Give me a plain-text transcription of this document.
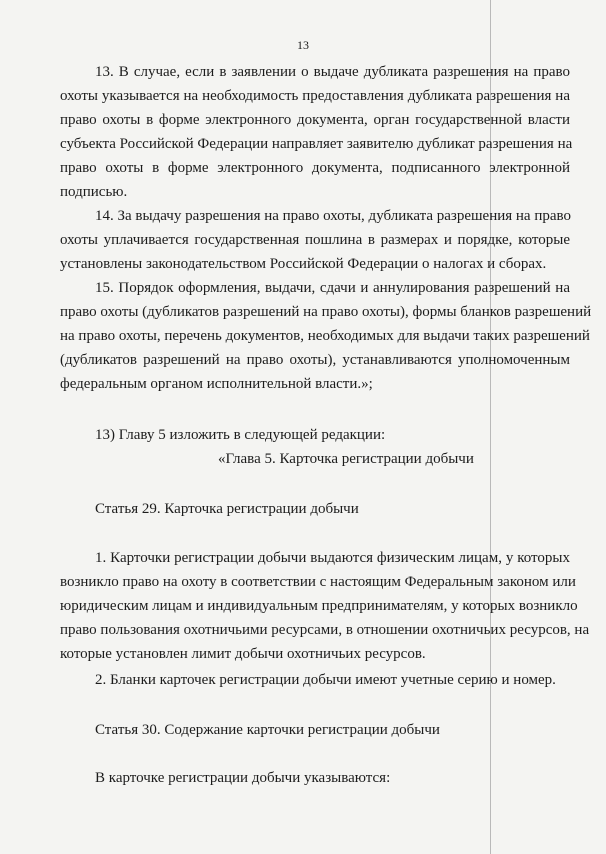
13
13. В случае, если в заявлении о выдаче дубликата разрешения на право
охоты указывается на необходимость предоставления дубликата разрешения на
право охоты в форме электронного документа, орган государственной власти
субъекта Российской Федерации направляет заявителю дубликат разрешения на
право охоты в форме электронного документа, подписанного электронной
подписью.
14. За выдачу разрешения на право охоты, дубликата разрешения на право
охоты уплачивается государственная пошлина в размерах и порядке, которые
установлены законодательством Российской Федерации о налогах и сборах.
15. Порядок оформления, выдачи, сдачи и аннулирования разрешений на
право охоты (дубликатов разрешений на право охоты), формы бланков разрешений
на право охоты, перечень документов, необходимых для выдачи таких разрешений
(дубликатов разрешений на право охоты), устанавливаются уполномоченным
федеральным органом исполнительной власти.»;
13) Главу 5 изложить в следующей редакции:
«Глава 5. Карточка регистрации добычи
Статья 29. Карточка регистрации добычи
1. Карточки регистрации добычи выдаются физическим лицам, у которых
возникло право на охоту в соответствии с настоящим Федеральным законом или
юридическим лицам и индивидуальным предпринимателям, у которых возникло
право пользования охотничьими ресурсами, в отношении охотничьих ресурсов, на
которые установлен лимит добычи охотничьих ресурсов.
2. Бланки карточек регистрации добычи имеют учетные серию и номер.
Статья 30. Содержание карточки регистрации добычи
В карточке регистрации добычи указываются:
